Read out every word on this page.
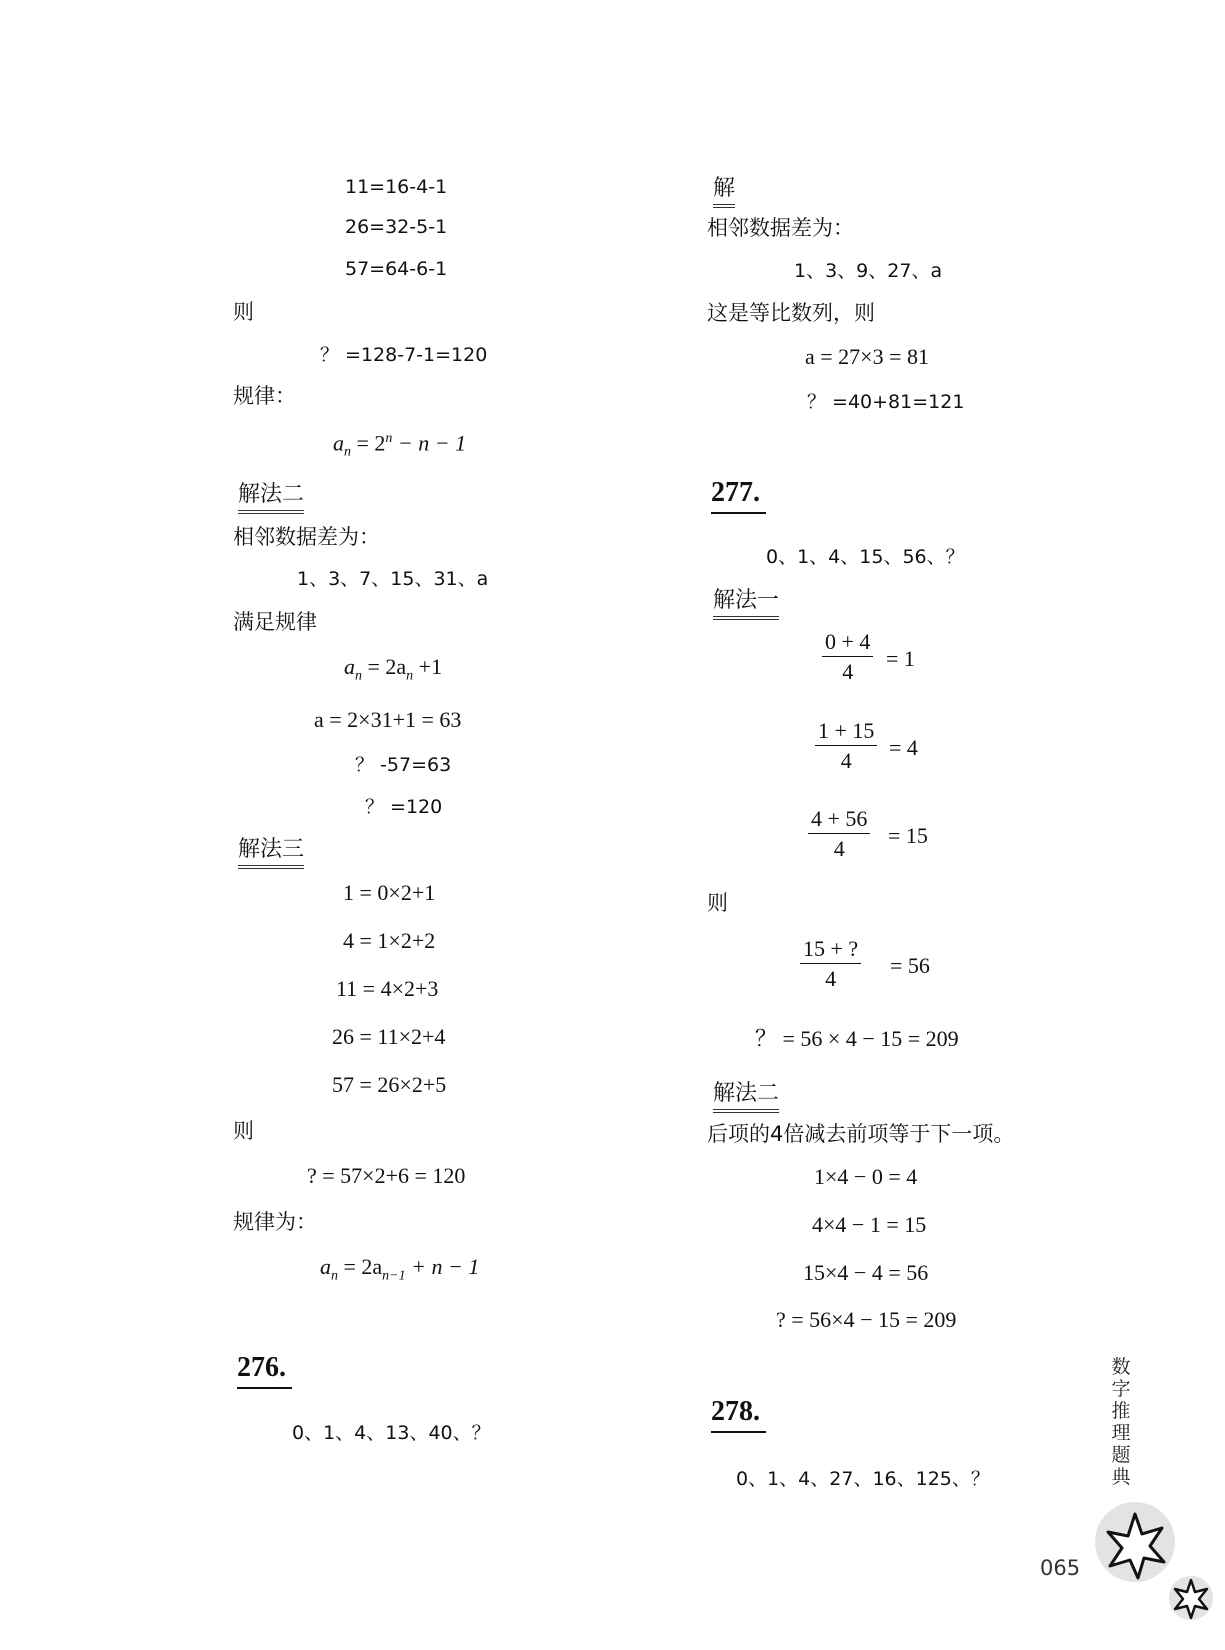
11=16-4-1
26=32-5-1
57=64-6-1
则
？ =128-7-1=120
规律：
$a_n = 2^n - n - 1$
解法二
相邻数据差为：
1、3、7、15、31、a
满足规律
$a_n = 2a_n +1$
a = 2×31+1 = 63
？ -57=63
？ =120
解法三
1 = 0×2+1
4 = 1×2+2
11 = 4×2+3
26 = 11×2+4
57 = 26×2+5
则
? = 57×2+6 = 120
规律为：
$a_n = 2a_{n-1} + n - 1$
276.
0、1、4、13、40、？
解
相邻数据差为：
1、3、9、27、a
这是等比数列，则
a = 27×3 = 81
？ =40+81=121
277.
0、1、4、15、56、？
解法一
$\frac{0 + 4}{4} = 1$
$\frac{1 + 15}{4} = 4$
$\frac{4 + 56}{4} = 15$
则
$\frac{15 + ?}{4} = 56$
？ = 56 × 4 − 15 = 209
解法二
后项的4倍减去前项等于下一项。
1×4 − 0 = 4
4×4 − 1 = 15
15×4 − 4 = 56
? = 56×4 − 15 = 209
278.
0、1、4、27、16、125、？
数
字
推
理
题
典
065
